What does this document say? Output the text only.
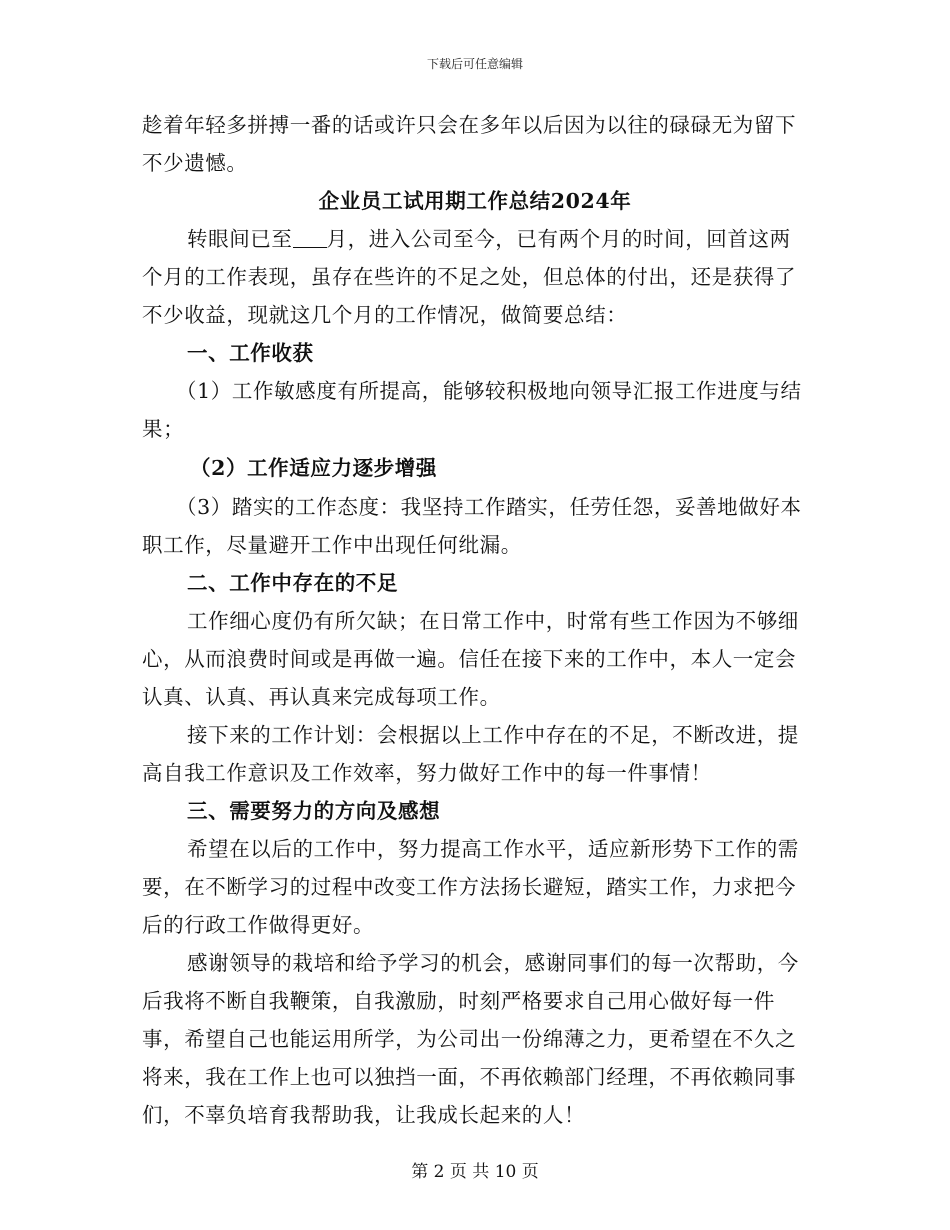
下载后可任意编辑

趁着年轻多拼搏一番的话或许只会在多年以后因为以往的碌碌无为留下不少遗憾。

企业员工试用期工作总结2024年

转眼间已至 月，进入公司至今，已有两个月的时间，回首这两个月的工作表现，虽存在些许的不足之处，但总体的付出，还是获得了不少收益，现就这几个月的工作情况，做简要总结：

一、工作收获

（1）工作敏感度有所提高，能够较积极地向领导汇报工作进度与结果；

（2）工作适应力逐步增强

（3）踏实的工作态度：我坚持工作踏实，任劳任怨，妥善地做好本职工作，尽量避开工作中出现任何纰漏。

二、工作中存在的不足

工作细心度仍有所欠缺；在日常工作中，时常有些工作因为不够细心，从而浪费时间或是再做一遍。信任在接下来的工作中，本人一定会认真、认真、再认真来完成每项工作。

接下来的工作计划：会根据以上工作中存在的不足，不断改进，提高自我工作意识及工作效率，努力做好工作中的每一件事情！

三、需要努力的方向及感想

希望在以后的工作中，努力提高工作水平，适应新形势下工作的需要，在不断学习的过程中改变工作方法扬长避短，踏实工作，力求把今后的行政工作做得更好。

感谢领导的栽培和给予学习的机会，感谢同事们的每一次帮助，今后我将不断自我鞭策，自我激励，时刻严格要求自己用心做好每一件事，希望自己也能运用所学，为公司出一份绵薄之力，更希望在不久之将来，我在工作上也可以独挡一面，不再依赖部门经理，不再依赖同事们，不辜负培育我帮助我，让我成长起来的人！

第 2 页 共 10 页
